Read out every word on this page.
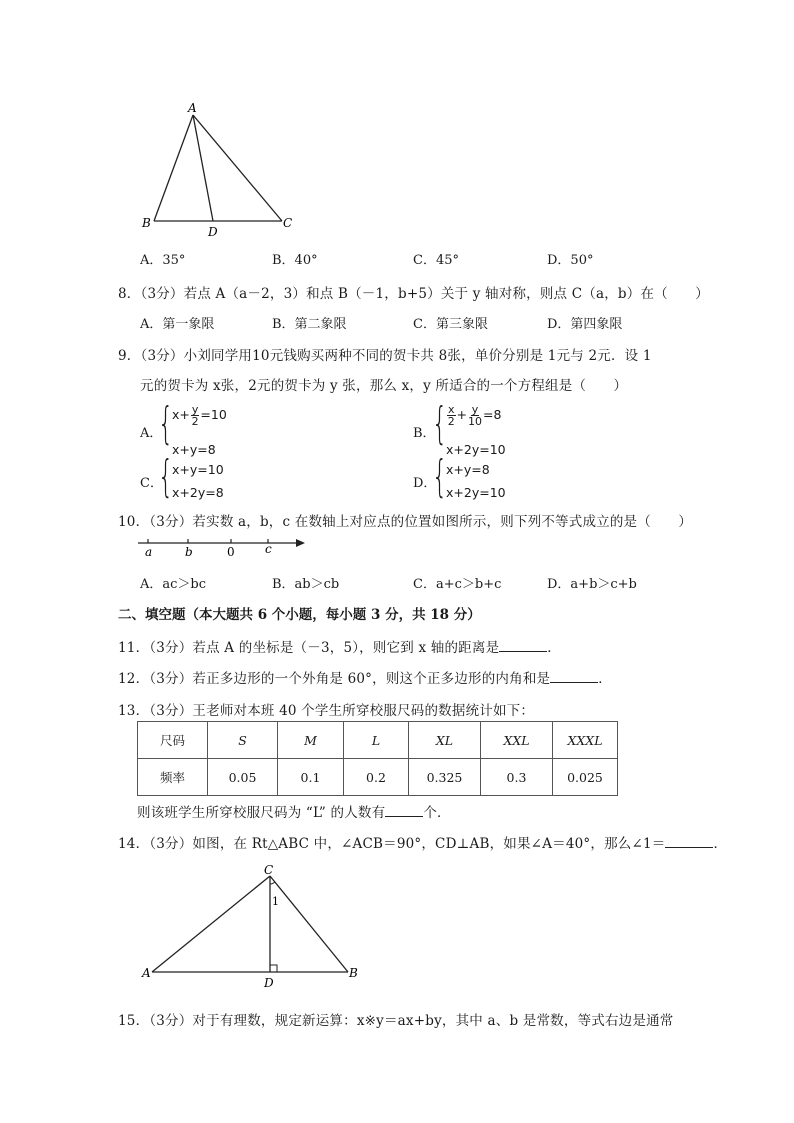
A
B	C
D
A．35°	B．40°	C．45°	D．50°
8．（3分）若点 A（a－2，3）和点 B（－1，b+5）关于 y 轴对称，则点 C（a，b）在（　　）
A．第一象限	B．第二象限	C．第三象限	D．第四象限
9．（3分）小刘同学用10元钱购买两种不同的贺卡共 8张，单价分别是 1元与 2元．设 1
元的贺卡为 x张，2元的贺卡为 y 张，那么 x，y 所适合的一个方程组是（　　）
A．
{
$x+ \frac{y}{2} =10$
x+y=8
B．
{ $\frac{x}{2} + \frac{y}{10} =8$
x+2y=10
C．
{
x+y=10
x+2y=8
D．
{
x+y=8
x+2y=10
10．（3分）若实数 a，b，c 在数轴上对应点的位置如图所示，则下列不等式成立的是（　　）
a	b	0	c
A．ac＞bc	B．ab＞cb	C．a+c＞b+c	D．a+b＞c+b
二、填空题（本大题共 6 个小题，每小题 3 分，共 18 分）
11．（3分）若点 A 的坐标是（－3，5），则它到 x 轴的距离是	．
12．（3分）若正多边形的一个外角是 60°，则这个正多边形的内角和是	．
13．（3分）王老师对本班 40 个学生所穿校服尺码的数据统计如下：
尺码	S	M	L	XL	XXL	XXXL
频率	0.05	0.1	0.2	0.325	0.3	0.025
则该班学生所穿校服尺码为 “L” 的人数有	个．
14．（3分）如图，在 Rt△ABC 中，∠ACB＝90°，CD⊥AB，如果∠A＝40°，那么∠1＝	．
C
A	B
D
1
15．（3分）对于有理数，规定新运算：x※y＝ax+by，其中 a、b 是常数，等式右边是通常
